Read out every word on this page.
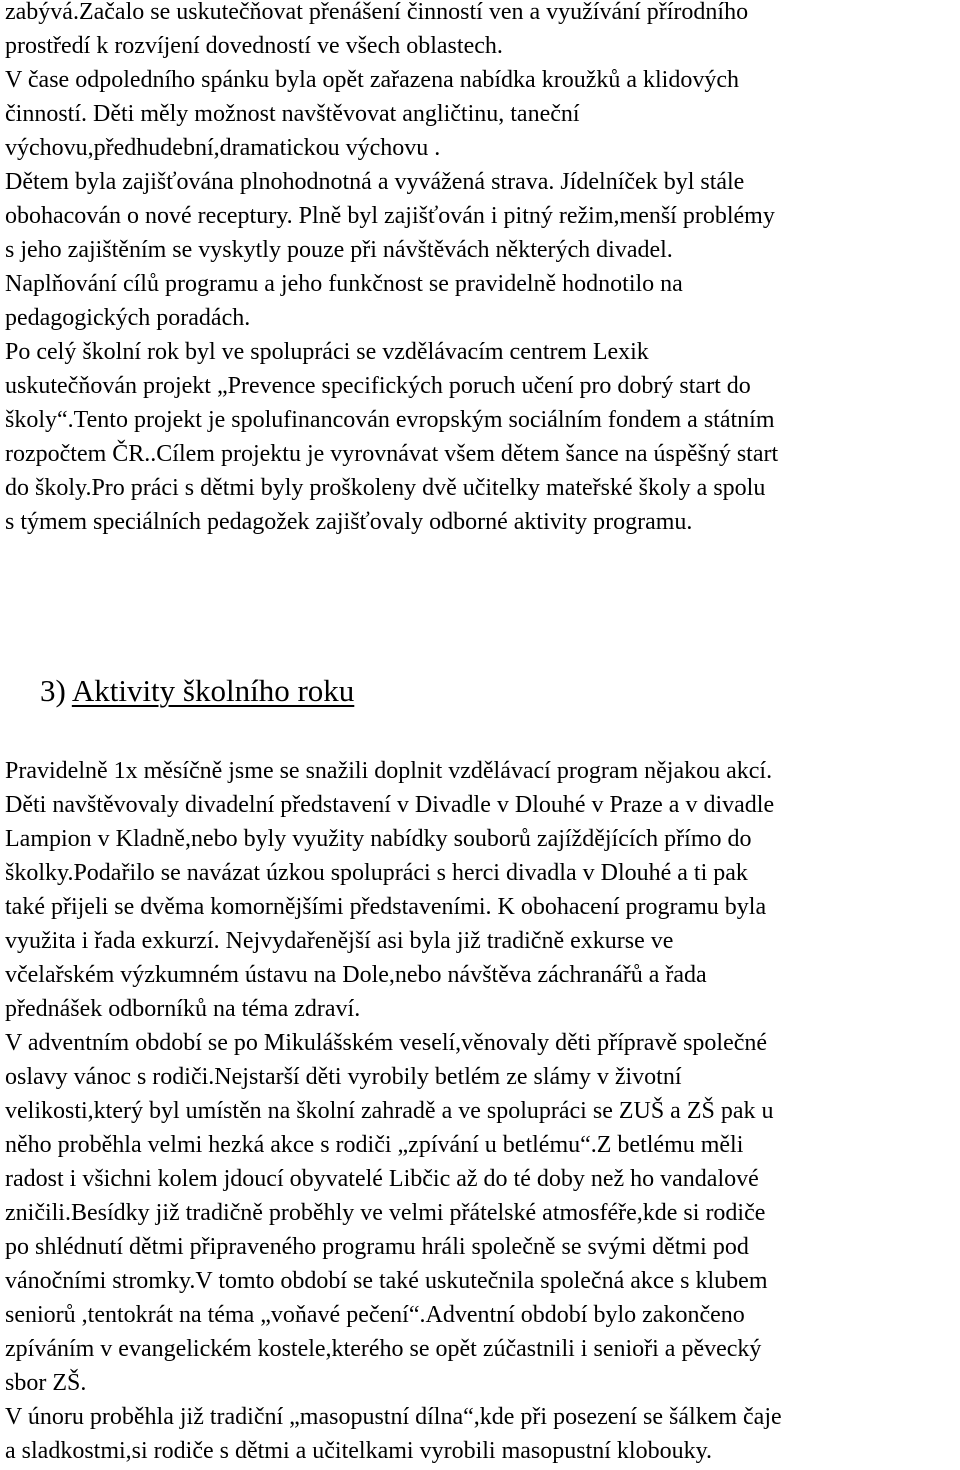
zabývá.Začalo se uskutečňovat přenášení činností ven a využívání přírodního
prostředí k rozvíjení dovedností ve všech oblastech.
V čase odpoledního spánku byla opět zařazena nabídka kroužků a klidových
činností. Děti měly možnost navštěvovat angličtinu, taneční
výchovu,předhudební,dramatickou výchovu .
Dětem byla zajišťována plnohodnotná a vyvážená strava. Jídelníček byl stále
obohacován o nové receptury. Plně byl zajišťován i pitný režim,menší problémy
s jeho zajištěním se vyskytly pouze při návštěvách některých divadel.
Naplňování cílů programu a jeho funkčnost se pravidelně hodnotilo na
pedagogických poradách.
Po celý školní rok byl ve spolupráci se vzdělávacím centrem Lexik
uskutečňován projekt „Prevence specifických poruch učení pro dobrý start do
školy“.Tento projekt je spolufinancován evropským sociálním fondem a státním
rozpočtem ČR..Cílem projektu je vyrovnávat všem dětem šance na úspěšný start
do školy.Pro práci s dětmi byly proškoleny dvě učitelky mateřské školy a spolu
s týmem speciálních pedagožek zajišťovaly odborné aktivity programu.
3) Aktivity školního roku
Pravidelně 1x měsíčně jsme se snažili doplnit vzdělávací program nějakou akcí.
Děti navštěvovaly divadelní představení v Divadle v Dlouhé v Praze a v divadle
Lampion v Kladně,nebo byly využity nabídky souborů zajíždějících přímo do
školky.Podařilo se navázat úzkou spolupráci s herci divadla v Dlouhé a ti pak
také přijeli se dvěma komornějšími představeními. K obohacení programu byla
využita i řada exkurzí. Nejvydařenější asi byla již tradičně exkurse ve
včelařském výzkumném ústavu na Dole,nebo návštěva záchranářů a řada
přednášek odborníků na téma zdraví.
V adventním období se po Mikulášském veselí,věnovaly děti přípravě společné
oslavy vánoc s rodiči.Nejstarší děti vyrobily betlém ze slámy v životní
velikosti,který byl umístěn na školní zahradě a ve spolupráci se ZUŠ a ZŠ pak u
něho proběhla velmi hezká akce s rodiči „zpívání u betlému“.Z betlému měli
radost i všichni kolem jdoucí obyvatelé Libčic až do té doby než ho vandalové
zničili.Besídky již tradičně proběhly ve velmi přátelské atmosféře,kde si rodiče
po shlédnutí dětmi připraveného programu hráli společně se svými dětmi pod
vánočními stromky.V tomto období se také uskutečnila společná akce s klubem
seniorů ,tentokrát na téma „voňavé pečení“.Adventní období bylo zakončeno
zpíváním v evangelickém kostele,kterého se opět zúčastnili i senioři a pěvecký
sbor ZŠ.
V únoru proběhla již tradiční „masopustní dílna“,kde při posezení se šálkem čaje
a sladkostmi,si rodiče s dětmi a učitelkami vyrobili masopustní klobouky.
